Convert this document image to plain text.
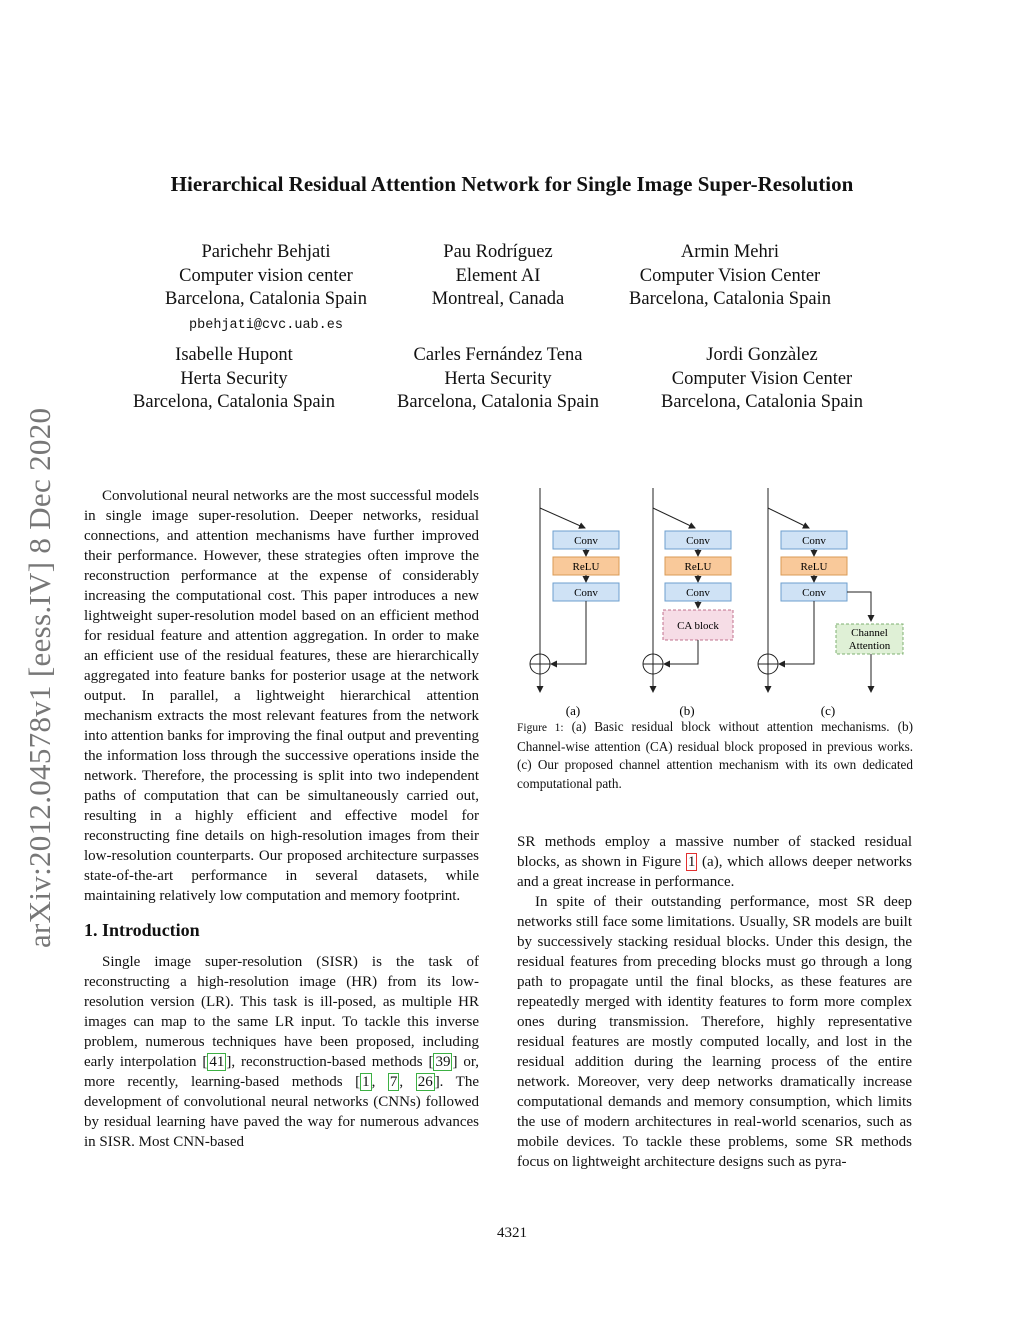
Hierarchical Residual Attention Network for Single Image Super-Resolution
arXiv:2012.04578v1 [eess.IV] 8 Dec 2020
Parichehr Behjati
Computer vision center
Barcelona, Catalonia Spain
pbehjati@cvc.uab.es
Pau Rodríguez
Element AI
Montreal, Canada
Armin Mehri
Computer Vision Center
Barcelona, Catalonia Spain
Isabelle Hupont
Herta Security
Barcelona, Catalonia Spain
Carles Fernández Tena
Herta Security
Barcelona, Catalonia Spain
Jordi Gonzàlez
Computer Vision Center
Barcelona, Catalonia Spain

Convolutional neural networks are the most successful models in single image super-resolution. Deeper networks, residual connections, and attention mechanisms have further improved their performance. However, these strategies often improve the reconstruction performance at the expense of considerably increasing the computational cost. This paper introduces a new lightweight super-resolution model based on an efficient method for residual feature and attention aggregation. In order to make an efficient use of the residual features, these are hierarchically aggregated into feature banks for posterior usage at the network output. In parallel, a lightweight hierarchical attention mechanism extracts the most relevant features from the network into attention banks for improving the final output and preventing the information loss through the successive operations inside the network. Therefore, the processing is split into two independent paths of computation that can be simultaneously carried out, resulting in a highly efficient and effective model for reconstructing fine details on high-resolution images from their low-resolution counterparts. Our proposed architecture surpasses state-of-the-art performance in several datasets, while maintaining relatively low computation and memory footprint.

1. Introduction

Single image super-resolution (SISR) is the task of reconstructing a high-resolution image (HR) from its low-resolution version (LR). This task is ill-posed, as multiple HR images can map to the same LR input. To tackle this inverse problem, numerous techniques have been proposed, including early interpolation [ 41 ], reconstruction-based methods [ 39 ] or, more recently, learning-based methods [ 1 , 7 , 26 ]. The development of convolutional neural networks (CNNs) followed by residual learning have paved the way for numerous advances in SISR. Most CNN-based

Conv
ReLU
Conv
Conv
ReLU
Conv
CA block
Conv
ReLU
Conv
Channel
Attention
(a)	(b)	(c)
Figure 1: (a) Basic residual block without attention mechanisms. (b) Channel-wise attention (CA) residual block proposed in previous works. (c) Our proposed channel attention mechanism with its own dedicated computational path.

SR methods employ a massive number of stacked residual blocks, as shown in Figure 1 (a), which allows deeper networks and a great increase in performance.

In spite of their outstanding performance, most SR deep networks still face some limitations. Usually, SR models are built by successively stacking residual blocks. Under this design, the residual features from preceding blocks must go through a long path to propagate until the final blocks, as these features are repeatedly merged with identity features to form more complex ones during transmission. Therefore, highly representative residual features are mostly computed locally, and lost in the residual addition during the learning process of the entire network. Moreover, very deep networks dramatically increase computational demands and memory consumption, which limits the use of modern architectures in real-world scenarios, such as mobile devices. To tackle these problems, some SR methods focus on lightweight architecture designs such as pyra-

4321
